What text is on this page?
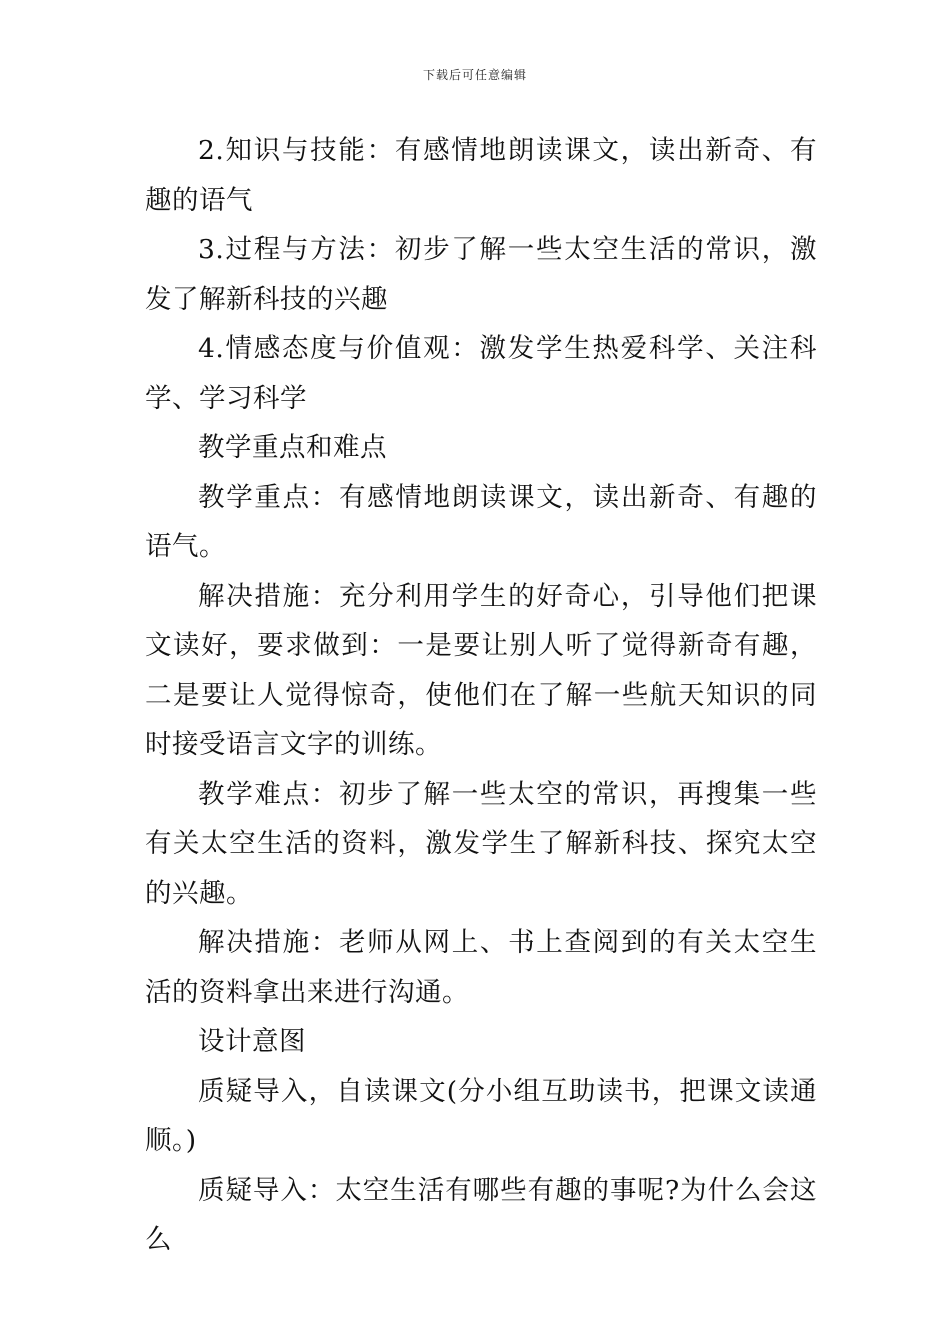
下载后可任意编辑

2.知识与技能：有感情地朗读课文，读出新奇、有趣的语气

3.过程与方法：初步了解一些太空生活的常识，激发了解新科技的兴趣

4.情感态度与价值观：激发学生热爱科学、关注科学、学习科学

教学重点和难点

教学重点：有感情地朗读课文，读出新奇、有趣的语气。

解决措施：充分利用学生的好奇心，引导他们把课文读好，要求做到：一是要让别人听了觉得新奇有趣，二是要让人觉得惊奇，使他们在了解一些航天知识的同时接受语言文字的训练。

教学难点：初步了解一些太空的常识，再搜集一些有关太空生活的资料，激发学生了解新科技、探究太空的兴趣。

解决措施：老师从网上、书上查阅到的有关太空生活的资料拿出来进行沟通。

设计意图

质疑导入，自读课文(分小组互助读书，把课文读通顺。)

质疑导入：太空生活有哪些有趣的事呢?为什么会这么
